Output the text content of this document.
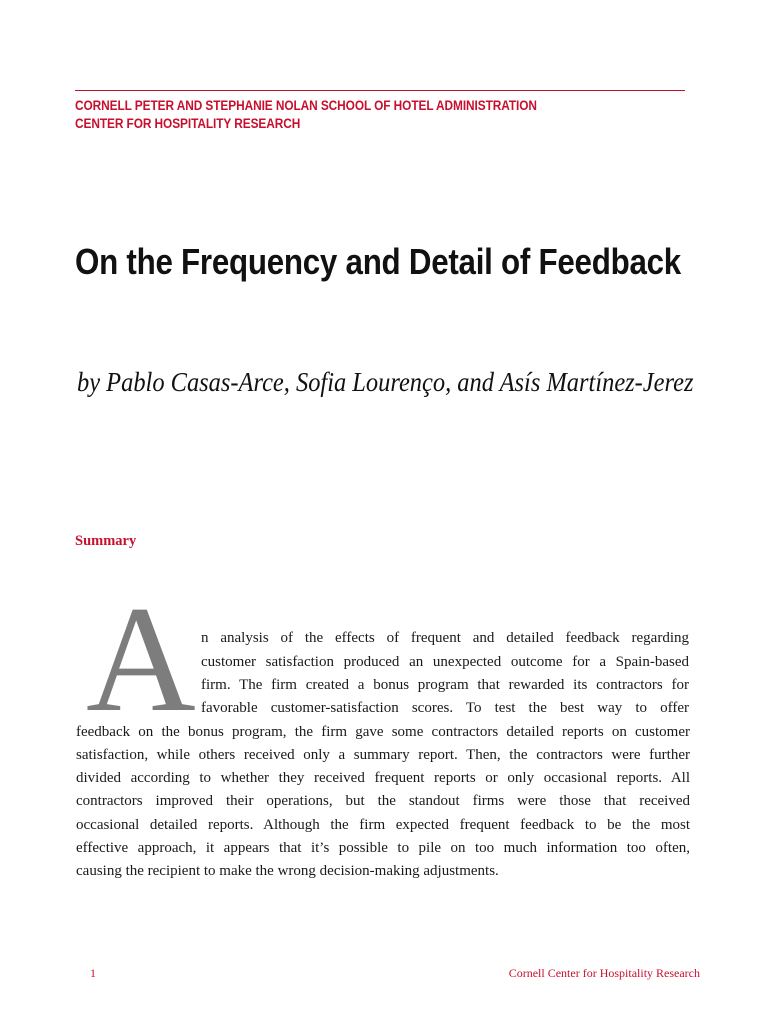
CORNELL PETER AND STEPHANIE NOLAN SCHOOL OF HOTEL ADMINISTRATION
CENTER FOR HOSPITALITY RESEARCH
On the Frequency and Detail of Feedback
by Pablo Casas-Arce, Sofia Lourenço, and Asís Martínez-Jerez
Summary
A n analysis of the effects of frequent and detailed feedback regarding
customer satisfaction produced an unexpected outcome for a Spain-based
firm. The firm created a bonus program that rewarded its contractors for
favorable customer-satisfaction scores. To test the best way to offer
feedback on the bonus program, the firm gave some contractors detailed reports on customer
satisfaction, while others received only a summary report. Then, the contractors were further
divided according to whether they received frequent reports or only occasional reports. All
contractors improved their operations, but the standout firms were those that received
occasional detailed reports. Although the firm expected frequent feedback to be the most
effective approach, it appears that it’s possible to pile on too much information too often,
causing the recipient to make the wrong decision-making adjustments.
1	Cornell Center for Hospitality Research
